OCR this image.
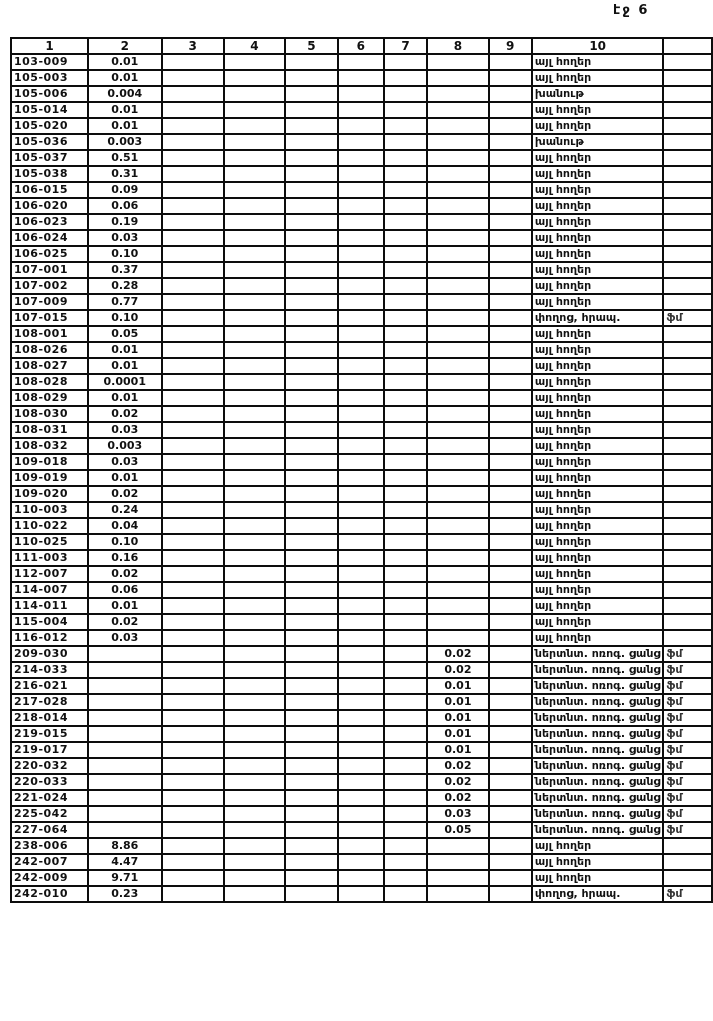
էջ 6
1	2	3	4	5	6	7	8	9	10	
103-009	0.01								այլ հողեր	
105-003	0.01								այլ հողեր	
105-006	0.004								խանութ	
105-014	0.01								այլ հողեր	
105-020	0.01								այլ հողեր	
105-036	0.003								խանութ	
105-037	0.51								այլ հողեր	
105-038	0.31								այլ հողեր	
106-015	0.09								այլ հողեր	
106-020	0.06								այլ հողեր	
106-023	0.19								այլ հողեր	
106-024	0.03								այլ հողեր	
106-025	0.10								այլ հողեր	
107-001	0.37								այլ հողեր	
107-002	0.28								այլ հողեր	
107-009	0.77								այլ հողեր	
107-015	0.10								փողոց, հրապ.	ֆմ
108-001	0.05								այլ հողեր	
108-026	0.01								այլ հողեր	
108-027	0.01								այլ հողեր	
108-028	0.0001								այլ հողեր	
108-029	0.01								այլ հողեր	
108-030	0.02								այլ հողեր	
108-031	0.03								այլ հողեր	
108-032	0.003								այլ հողեր	
109-018	0.03								այլ հողեր	
109-019	0.01								այլ հողեր	
109-020	0.02								այլ հողեր	
110-003	0.24								այլ հողեր	
110-022	0.04								այլ հողեր	
110-025	0.10								այլ հողեր	
111-003	0.16								այլ հողեր	
112-007	0.02								այլ հողեր	
114-007	0.06								այլ հողեր	
114-011	0.01								այլ հողեր	
115-004	0.02								այլ հողեր	
116-012	0.03								այլ հողեր	
209-030							0.02		ներտնտ. ոռոգ. ցանց	ֆմ
214-033							0.02		ներտնտ. ոռոգ. ցանց	ֆմ
216-021							0.01		ներտնտ. ոռոգ. ցանց	ֆմ
217-028							0.01		ներտնտ. ոռոգ. ցանց	ֆմ
218-014							0.01		ներտնտ. ոռոգ. ցանց	ֆմ
219-015							0.01		ներտնտ. ոռոգ. ցանց	ֆմ
219-017							0.01		ներտնտ. ոռոգ. ցանց	ֆմ
220-032							0.02		ներտնտ. ոռոգ. ցանց	ֆմ
220-033							0.02		ներտնտ. ոռոգ. ցանց	ֆմ
221-024							0.02		ներտնտ. ոռոգ. ցանց	ֆմ
225-042							0.03		ներտնտ. ոռոգ. ցանց	ֆմ
227-064							0.05		ներտնտ. ոռոգ. ցանց	ֆմ
238-006	8.86								այլ հողեր	
242-007	4.47								այլ հողեր	
242-009	9.71								այլ հողեր	
242-010	0.23								փողոց, հրապ.	ֆմ
